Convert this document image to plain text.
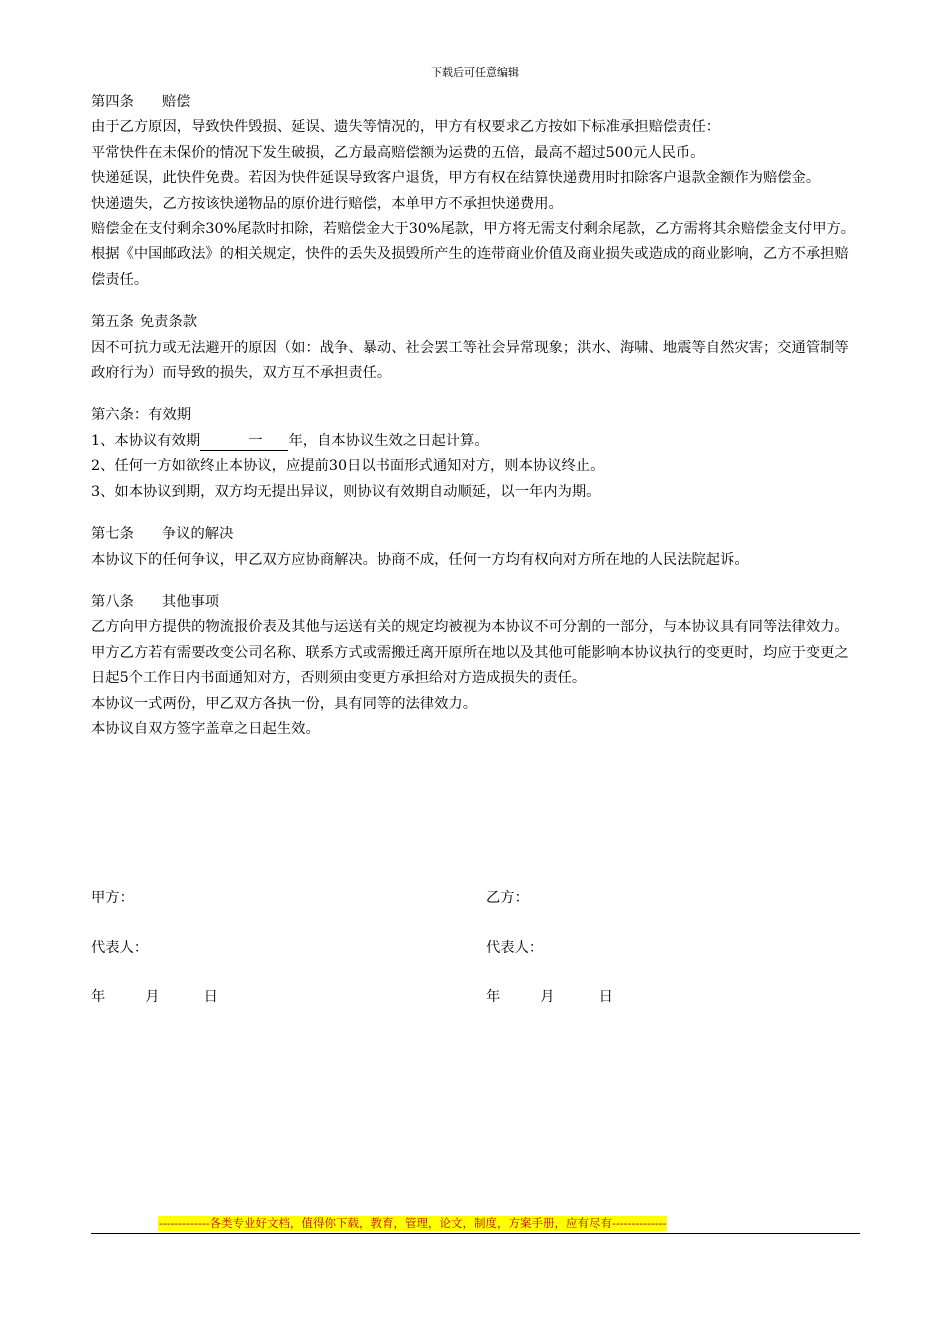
下载后可任意编辑

第四条 赔偿

由于乙方原因，导致快件毁损、延误、遗失等情况的，甲方有权要求乙方按如下标准承担赔偿责任：

平常快件在未保价的情况下发生破损，乙方最高赔偿额为运费的五倍，最高不超过500元人民币。

快递延误，此快件免费。若因为快件延误导致客户退货，甲方有权在结算快递费用时扣除客户退款金额作为赔偿金。

快递遗失，乙方按该快递物品的原价进行赔偿，本单甲方不承担快递费用。

赔偿金在支付剩余30%尾款时扣除，若赔偿金大于30%尾款，甲方将无需支付剩余尾款，乙方需将其余赔偿金支付甲方。

根据《中国邮政法》的相关规定，快件的丢失及损毁所产生的连带商业价值及商业损失或造成的商业影响，乙方不承担赔偿责任。

第五条 免责条款

因不可抗力或无法避开的原因（如：战争、暴动、社会罢工等社会异常现象；洪水、海啸、地震等自然灾害；交通管制等政府行为）而导致的损失，双方互不承担责任。

第六条：有效期

1、本协议有效期	一 年，自本协议生效之日起计算。

2、任何一方如欲终止本协议，应提前30日以书面形式通知对方，则本协议终止。

3、如本协议到期，双方均无提出异议，则协议有效期自动顺延，以一年内为期。

第七条 争议的解决

本协议下的任何争议，甲乙双方应协商解决。协商不成，任何一方均有权向对方所在地的人民法院起诉。

第八条 其他事项

乙方向甲方提供的物流报价表及其他与运送有关的规定均被视为本协议不可分割的一部分，与本协议具有同等法律效力。

甲方乙方若有需要改变公司名称、联系方式或需搬迁离开原所在地以及其他可能影响本协议执行的变更时，均应于变更之日起5个工作日内书面通知对方，否则须由变更方承担给对方造成损失的责任。

本协议一式两份，甲乙双方各执一份，具有同等的法律效力。

本协议自双方签字盖章之日起生效。

甲方：
代表人：
年	月	日
乙方：
代表人：
年	月	日
-------------各类专业好文档，值得你下载，教育，管理，论文，制度，方案手册，应有尽有--------------
